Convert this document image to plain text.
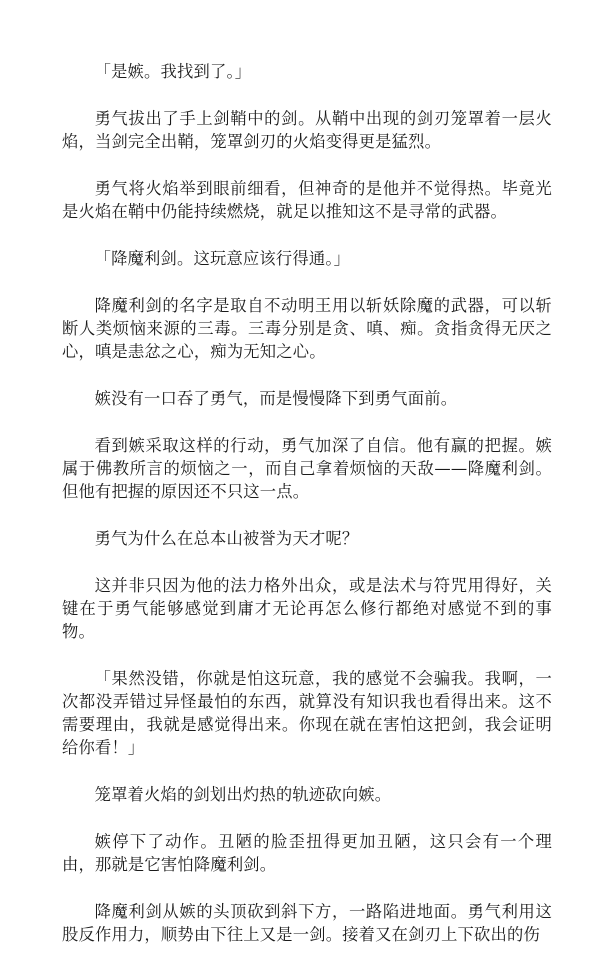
「是嫉。我找到了。」

勇气拔出了手上剑鞘中的剑。从鞘中出现的剑刃笼罩着一层火焰，当剑完全出鞘，笼罩剑刃的火焰变得更是猛烈。

勇气将火焰举到眼前细看，但神奇的是他并不觉得热。毕竟光是火焰在鞘中仍能持续燃烧，就足以推知这不是寻常的武器。

「降魔利剑。这玩意应该行得通。」

降魔利剑的名字是取自不动明王用以斩妖除魔的武器，可以斩断人类烦恼来源的三毒。三毒分别是贪、嗔、痴。贪指贪得无厌之心，嗔是恚忿之心，痴为无知之心。

嫉没有一口吞了勇气，而是慢慢降下到勇气面前。

看到嫉采取这样的行动，勇气加深了自信。他有赢的把握。嫉属于佛教所言的烦恼之一，而自己拿着烦恼的天敌——降魔利剑。但他有把握的原因还不只这一点。

勇气为什么在总本山被誉为天才呢？

这并非只因为他的法力格外出众，或是法术与符咒用得好，关键在于勇气能够感觉到庸才无论再怎么修行都绝对感觉不到的事物。

「果然没错，你就是怕这玩意，我的感觉不会骗我。我啊，一次都没弄错过异怪最怕的东西，就算没有知识我也看得出来。这不需要理由，我就是感觉得出来。你现在就在害怕这把剑，我会证明给你看！」

笼罩着火焰的剑划出灼热的轨迹砍向嫉。

嫉停下了动作。丑陋的脸歪扭得更加丑陋，这只会有一个理由，那就是它害怕降魔利剑。

降魔利剑从嫉的头顶砍到斜下方，一路陷进地面。勇气利用这股反作用力，顺势由下往上又是一剑。接着又在剑刃上下砍出的伤
